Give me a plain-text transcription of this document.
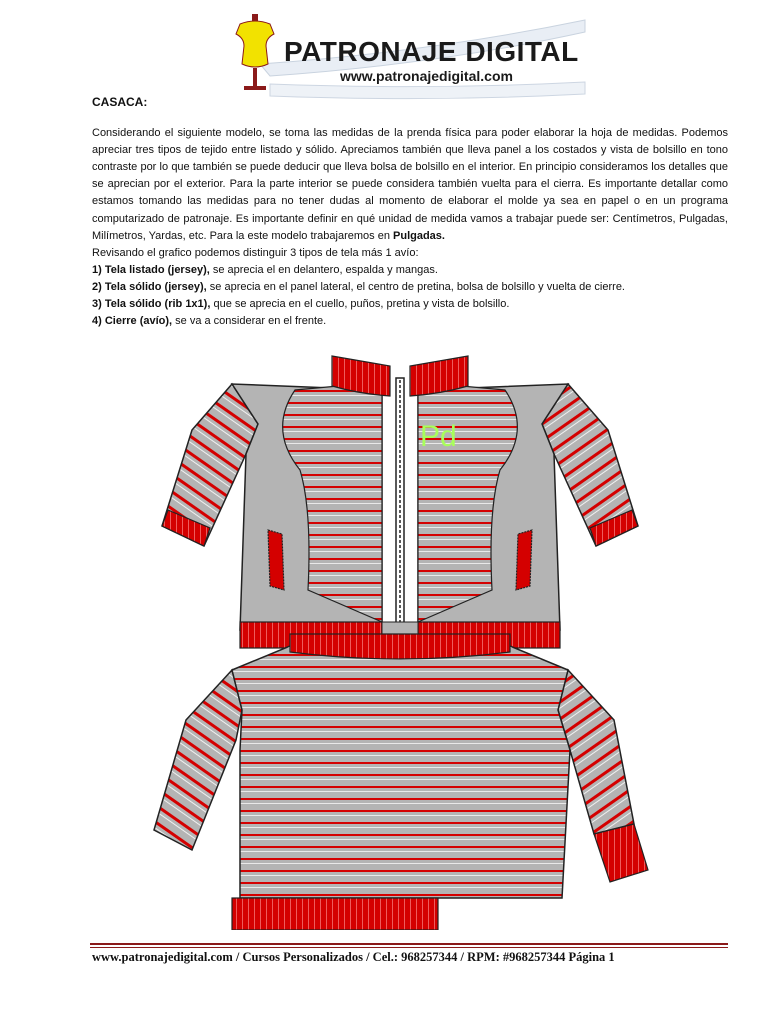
PATRONAJE DIGITAL
www.patronajedigital.com

CASACA:

Considerando el siguiente modelo, se toma las medidas de la prenda física para poder elaborar la hoja de medidas. Podemos apreciar tres tipos de tejido entre listado y sólido. Apreciamos también que lleva panel a los costados y vista de bolsillo en tono contraste por lo que también se puede deducir que lleva bolsa de bolsillo en el interior. En principio consideramos los detalles que se aprecian por el exterior. Para la parte interior se puede considera también vuelta para el cierra. Es importante detallar como estamos tomando las medidas para no tener dudas al momento de elaborar el molde ya sea en papel o en un programa computarizado de patronaje. Es importante definir en qué unidad de medida vamos a trabajar puede ser: Centímetros, Pulgadas, Milímetros, Yardas, etc. Para la este modelo trabajaremos en Pulgadas.

Revisando el grafico podemos distinguir 3 tipos de tela más 1 avío:

1) Tela listado (jersey), se aprecia el en delantero, espalda y mangas.
2) Tela sólido (jersey), se aprecia en el panel lateral, el centro de pretina, bolsa de bolsillo y vuelta de cierre.
3) Tela sólido (rib 1x1), que se aprecia en el cuello, puños, pretina y vista de bolsillo.
4) Cierre (avío), se va a considerar en el frente.
Pd
www.patronajedigital.com / Cursos Personalizados / Cel.: 968257344 / RPM: #968257344 Página 1
